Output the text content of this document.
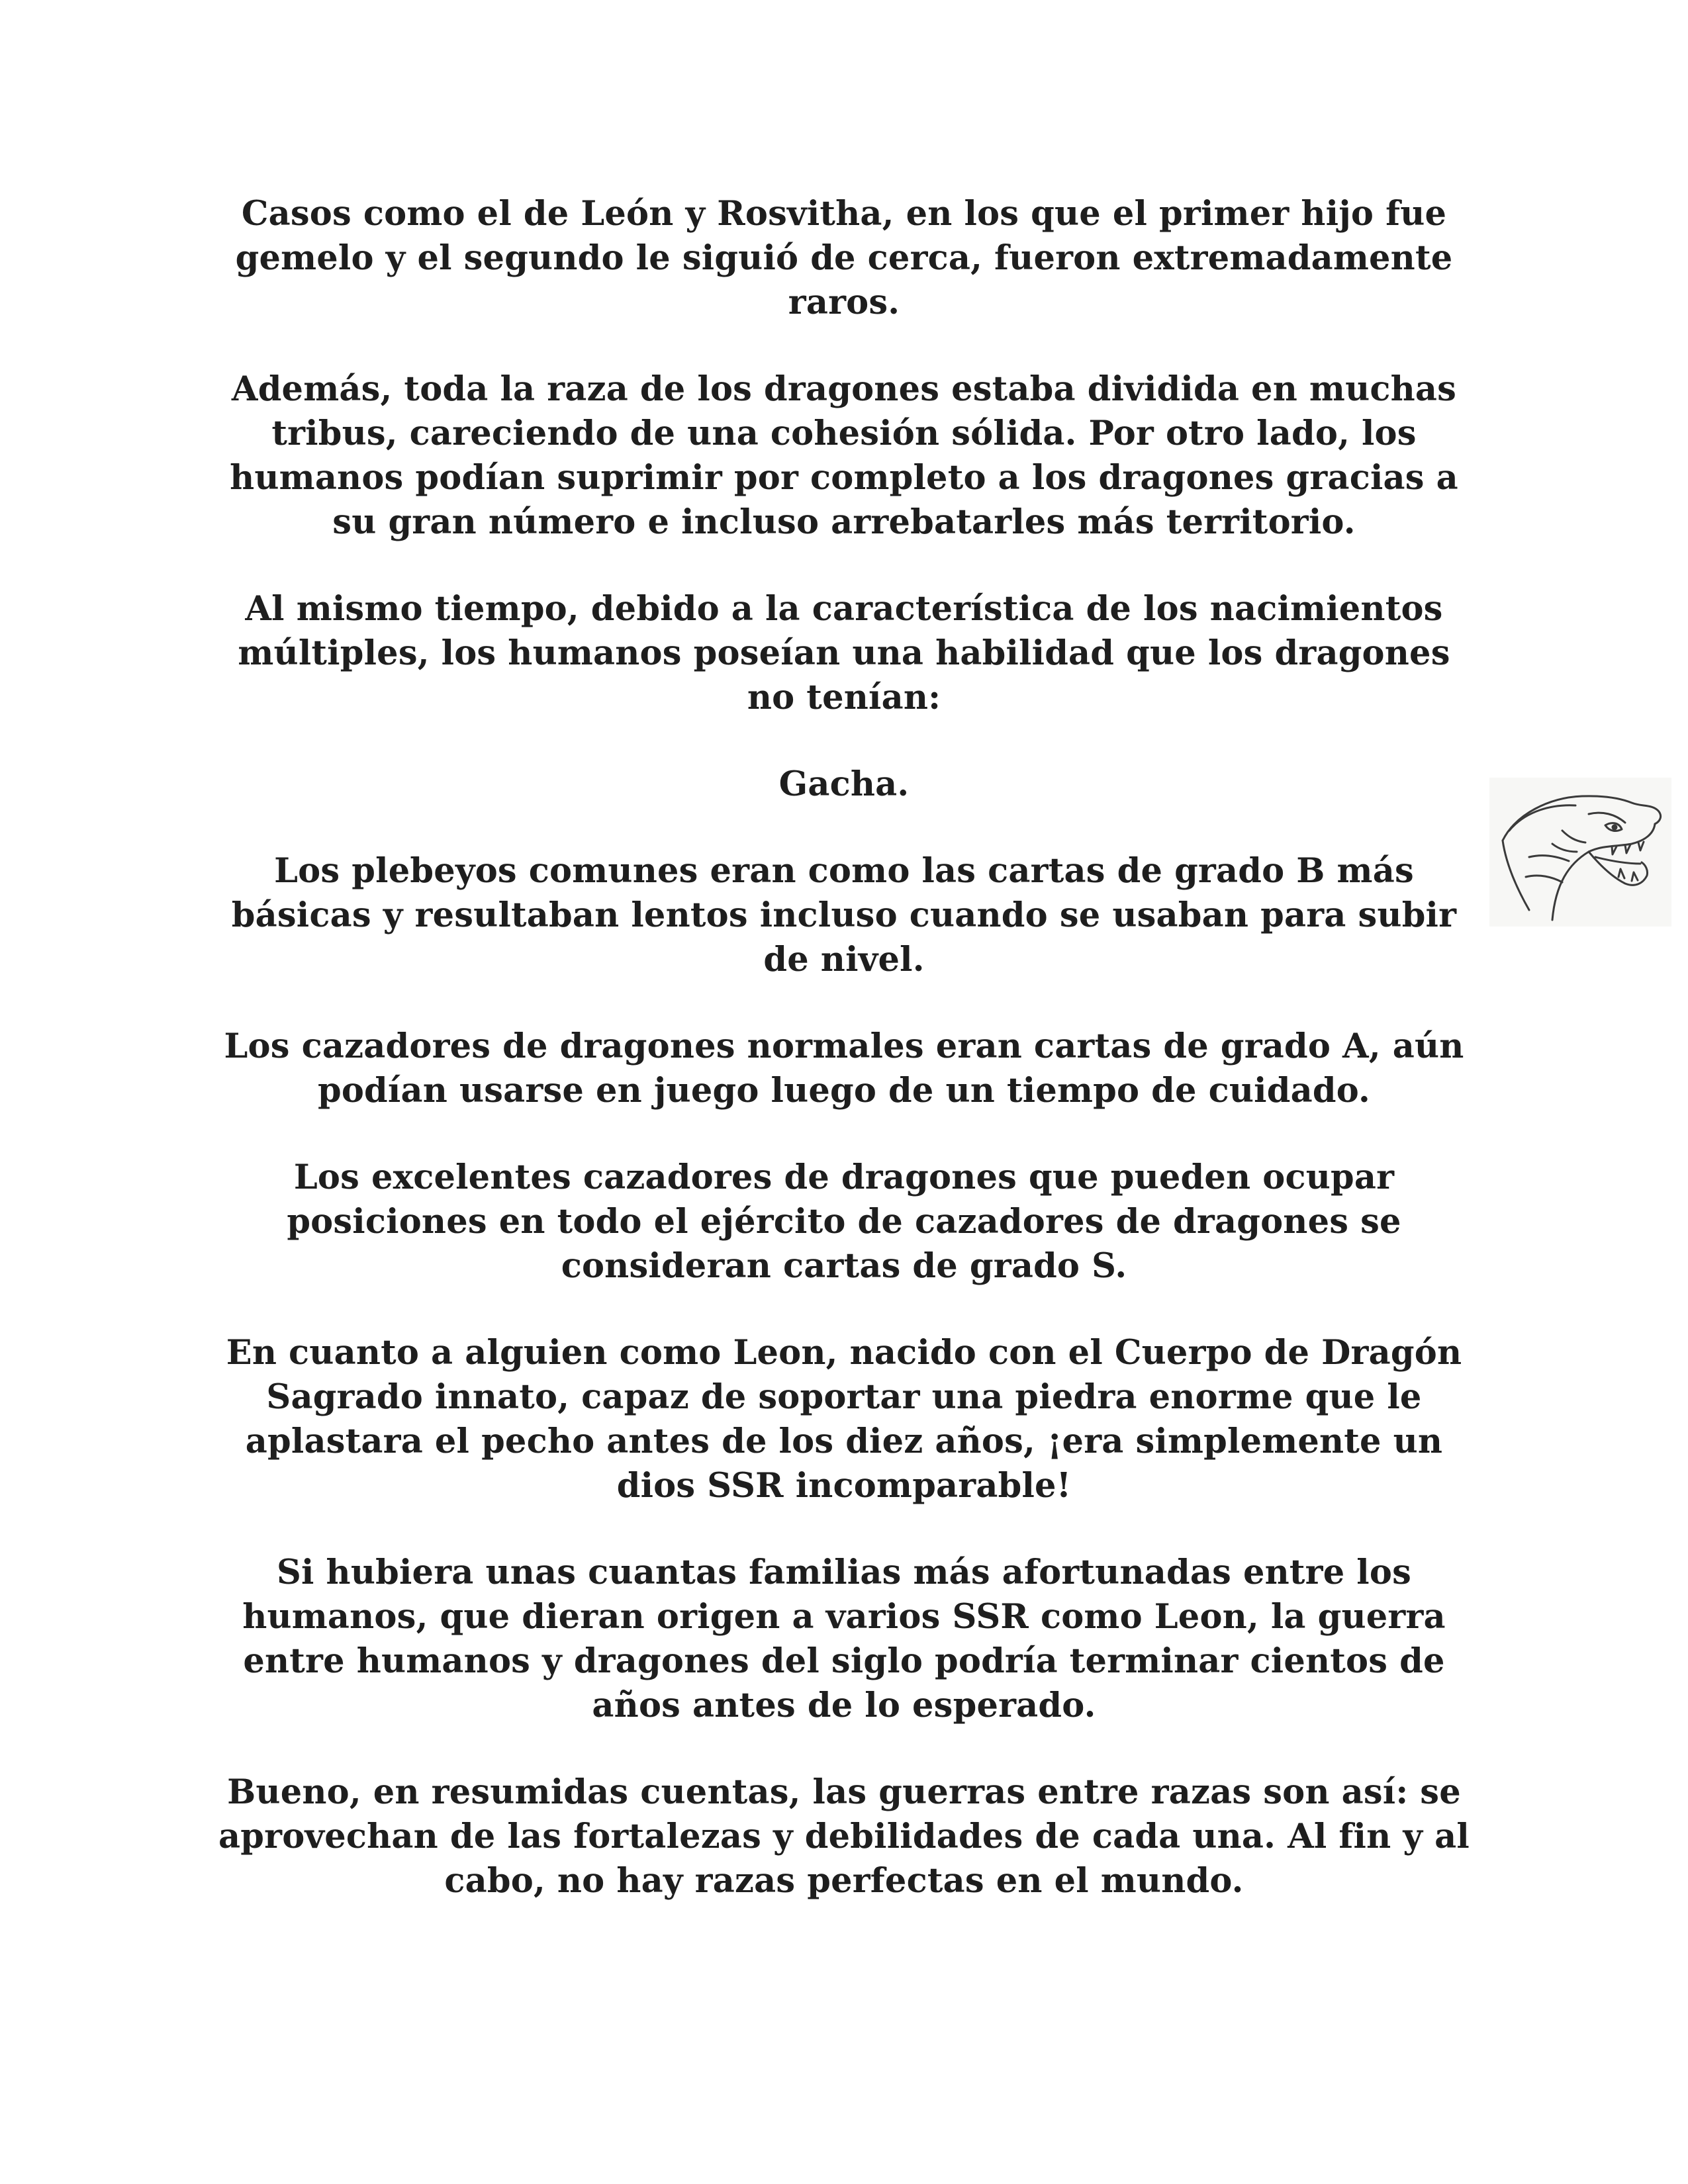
Casos como el de León y Rosvitha, en los que el primer hijo fue gemelo y el segundo le siguió de cerca, fueron extremadamente raros.

Además, toda la raza de los dragones estaba dividida en muchas tribus, careciendo de una cohesión sólida. Por otro lado, los humanos podían suprimir por completo a los dragones gracias a su gran número e incluso arrebatarles más territorio.

Al mismo tiempo, debido a la característica de los nacimientos múltiples, los humanos poseían una habilidad que los dragones no tenían:

Gacha.

Los plebeyos comunes eran como las cartas de grado B más básicas y resultaban lentos incluso cuando se usaban para subir de nivel.

Los cazadores de dragones normales eran cartas de grado A, aún podían usarse en juego luego de un tiempo de cuidado.

Los excelentes cazadores de dragones que pueden ocupar posiciones en todo el ejército de cazadores de dragones se consideran cartas de grado S.

En cuanto a alguien como Leon, nacido con el Cuerpo de Dragón Sagrado innato, capaz de soportar una piedra enorme que le aplastara el pecho antes de los diez años, ¡era simplemente un dios SSR incomparable!

Si hubiera unas cuantas familias más afortunadas entre los humanos, que dieran origen a varios SSR como Leon, la guerra entre humanos y dragones del siglo podría terminar cientos de años antes de lo esperado.

Bueno, en resumidas cuentas, las guerras entre razas son así: se aprovechan de las fortalezas y debilidades de cada una. Al fin y al cabo, no hay razas perfectas en el mundo.
